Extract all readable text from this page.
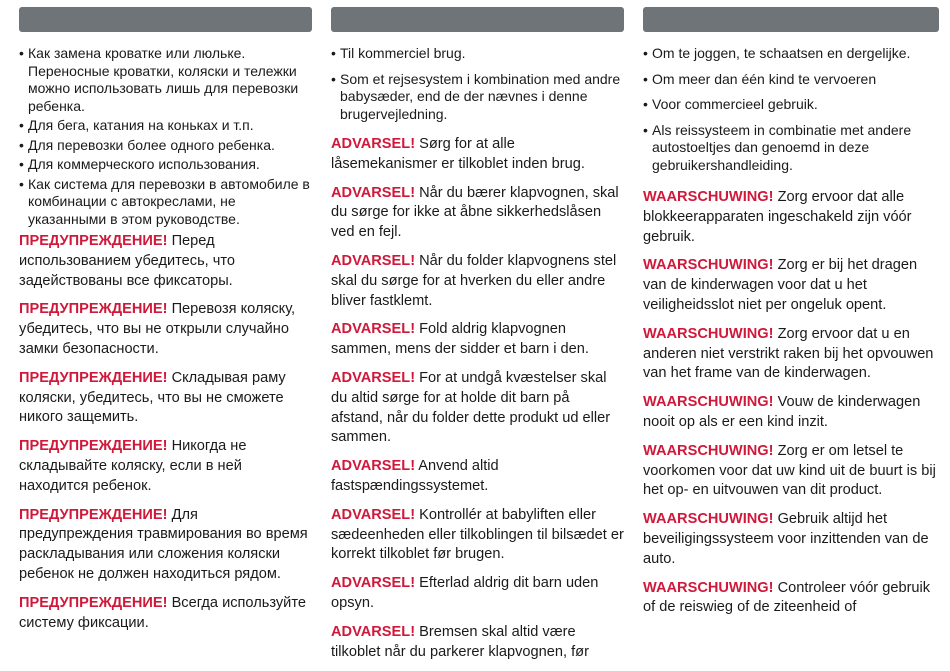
• Как замена кроватке или люльке. Переносные кроватки, коляски и тележки можно использовать лишь для перевозки ребенка.
• Для бега, катания на коньках и т.п.
• Для перевозки более одного ребенка.
• Для коммерческого использования.
• Как система для перевозки в автомобиле в комбинации с автокреслами, не указанными в этом руководстве.

ПРЕДУПРЕЖДЕНИЕ! Перед использованием убедитесь, что задействованы все фиксаторы.

ПРЕДУПРЕЖДЕНИЕ! Перевозя коляску, убедитесь, что вы не открыли случайно замки безопасности.

ПРЕДУПРЕЖДЕНИЕ! Складывая раму коляски, убедитесь, что вы не сможете никого защемить.

ПРЕДУПРЕЖДЕНИЕ! Никогда не складывайте коляску, если в ней находится ребенок.

ПРЕДУПРЕЖДЕНИЕ! Для предупреждения травмирования во время раскладывания или сложения коляски ребенок не должен находиться рядом.

ПРЕДУПРЕЖДЕНИЕ! Всегда используйте систему фиксации.

• Til kommerciel brug.
• Som et rejsesystem i kombination med andre babysæder, end de der nævnes i denne brugervejledning.

ADVARSEL! Sørg for at alle låsemekanismer er tilkoblet inden brug.

ADVARSEL! Når du bærer klapvognen, skal du sørge for ikke at åbne sikkerhedslåsen ved en fejl.

ADVARSEL! Når du folder klapvognens stel skal du sørge for at hverken du eller andre bliver fastklemt.

ADVARSEL! Fold aldrig klapvognen sammen, mens der sidder et barn i den.

ADVARSEL! For at undgå kvæstelser skal du altid sørge for at holde dit barn på afstand, når du folder dette produkt ud eller sammen.

ADVARSEL! Anvend altid fastspændingssystemet.

ADVARSEL! Kontrollér at babyliften eller sædeenheden eller tilkoblingen til bilsædet er korrekt tilkoblet før brugen.

ADVARSEL! Efterlad aldrig dit barn uden opsyn.

ADVARSEL! Bremsen skal altid være tilkoblet når du parkerer klapvognen, før

• Om te joggen, te schaatsen en dergelijke.
• Om meer dan één kind te vervoeren
• Voor commercieel gebruik.
• Als reissysteem in combinatie met andere autostoeltjes dan genoemd in deze gebruikershandleiding.

WAARSCHUWING! Zorg ervoor dat alle blokkeerapparaten ingeschakeld zijn vóór gebruik.

WAARSCHUWING! Zorg er bij het dragen van de kinderwagen voor dat u het veiligheidsslot niet per ongeluk opent.

WAARSCHUWING! Zorg ervoor dat u en anderen niet verstrikt raken bij het opvouwen van het frame van de kinderwagen.

WAARSCHUWING! Vouw de kinderwagen nooit op als er een kind inzit.

WAARSCHUWING! Zorg er om letsel te voorkomen voor dat uw kind uit de buurt is bij het op- en uitvouwen van dit product.

WAARSCHUWING! Gebruik altijd het beveiligingssysteem voor inzittenden van de auto.

WAARSCHUWING! Controleer vóór gebruik of de reiswieg of de ziteenheid of
